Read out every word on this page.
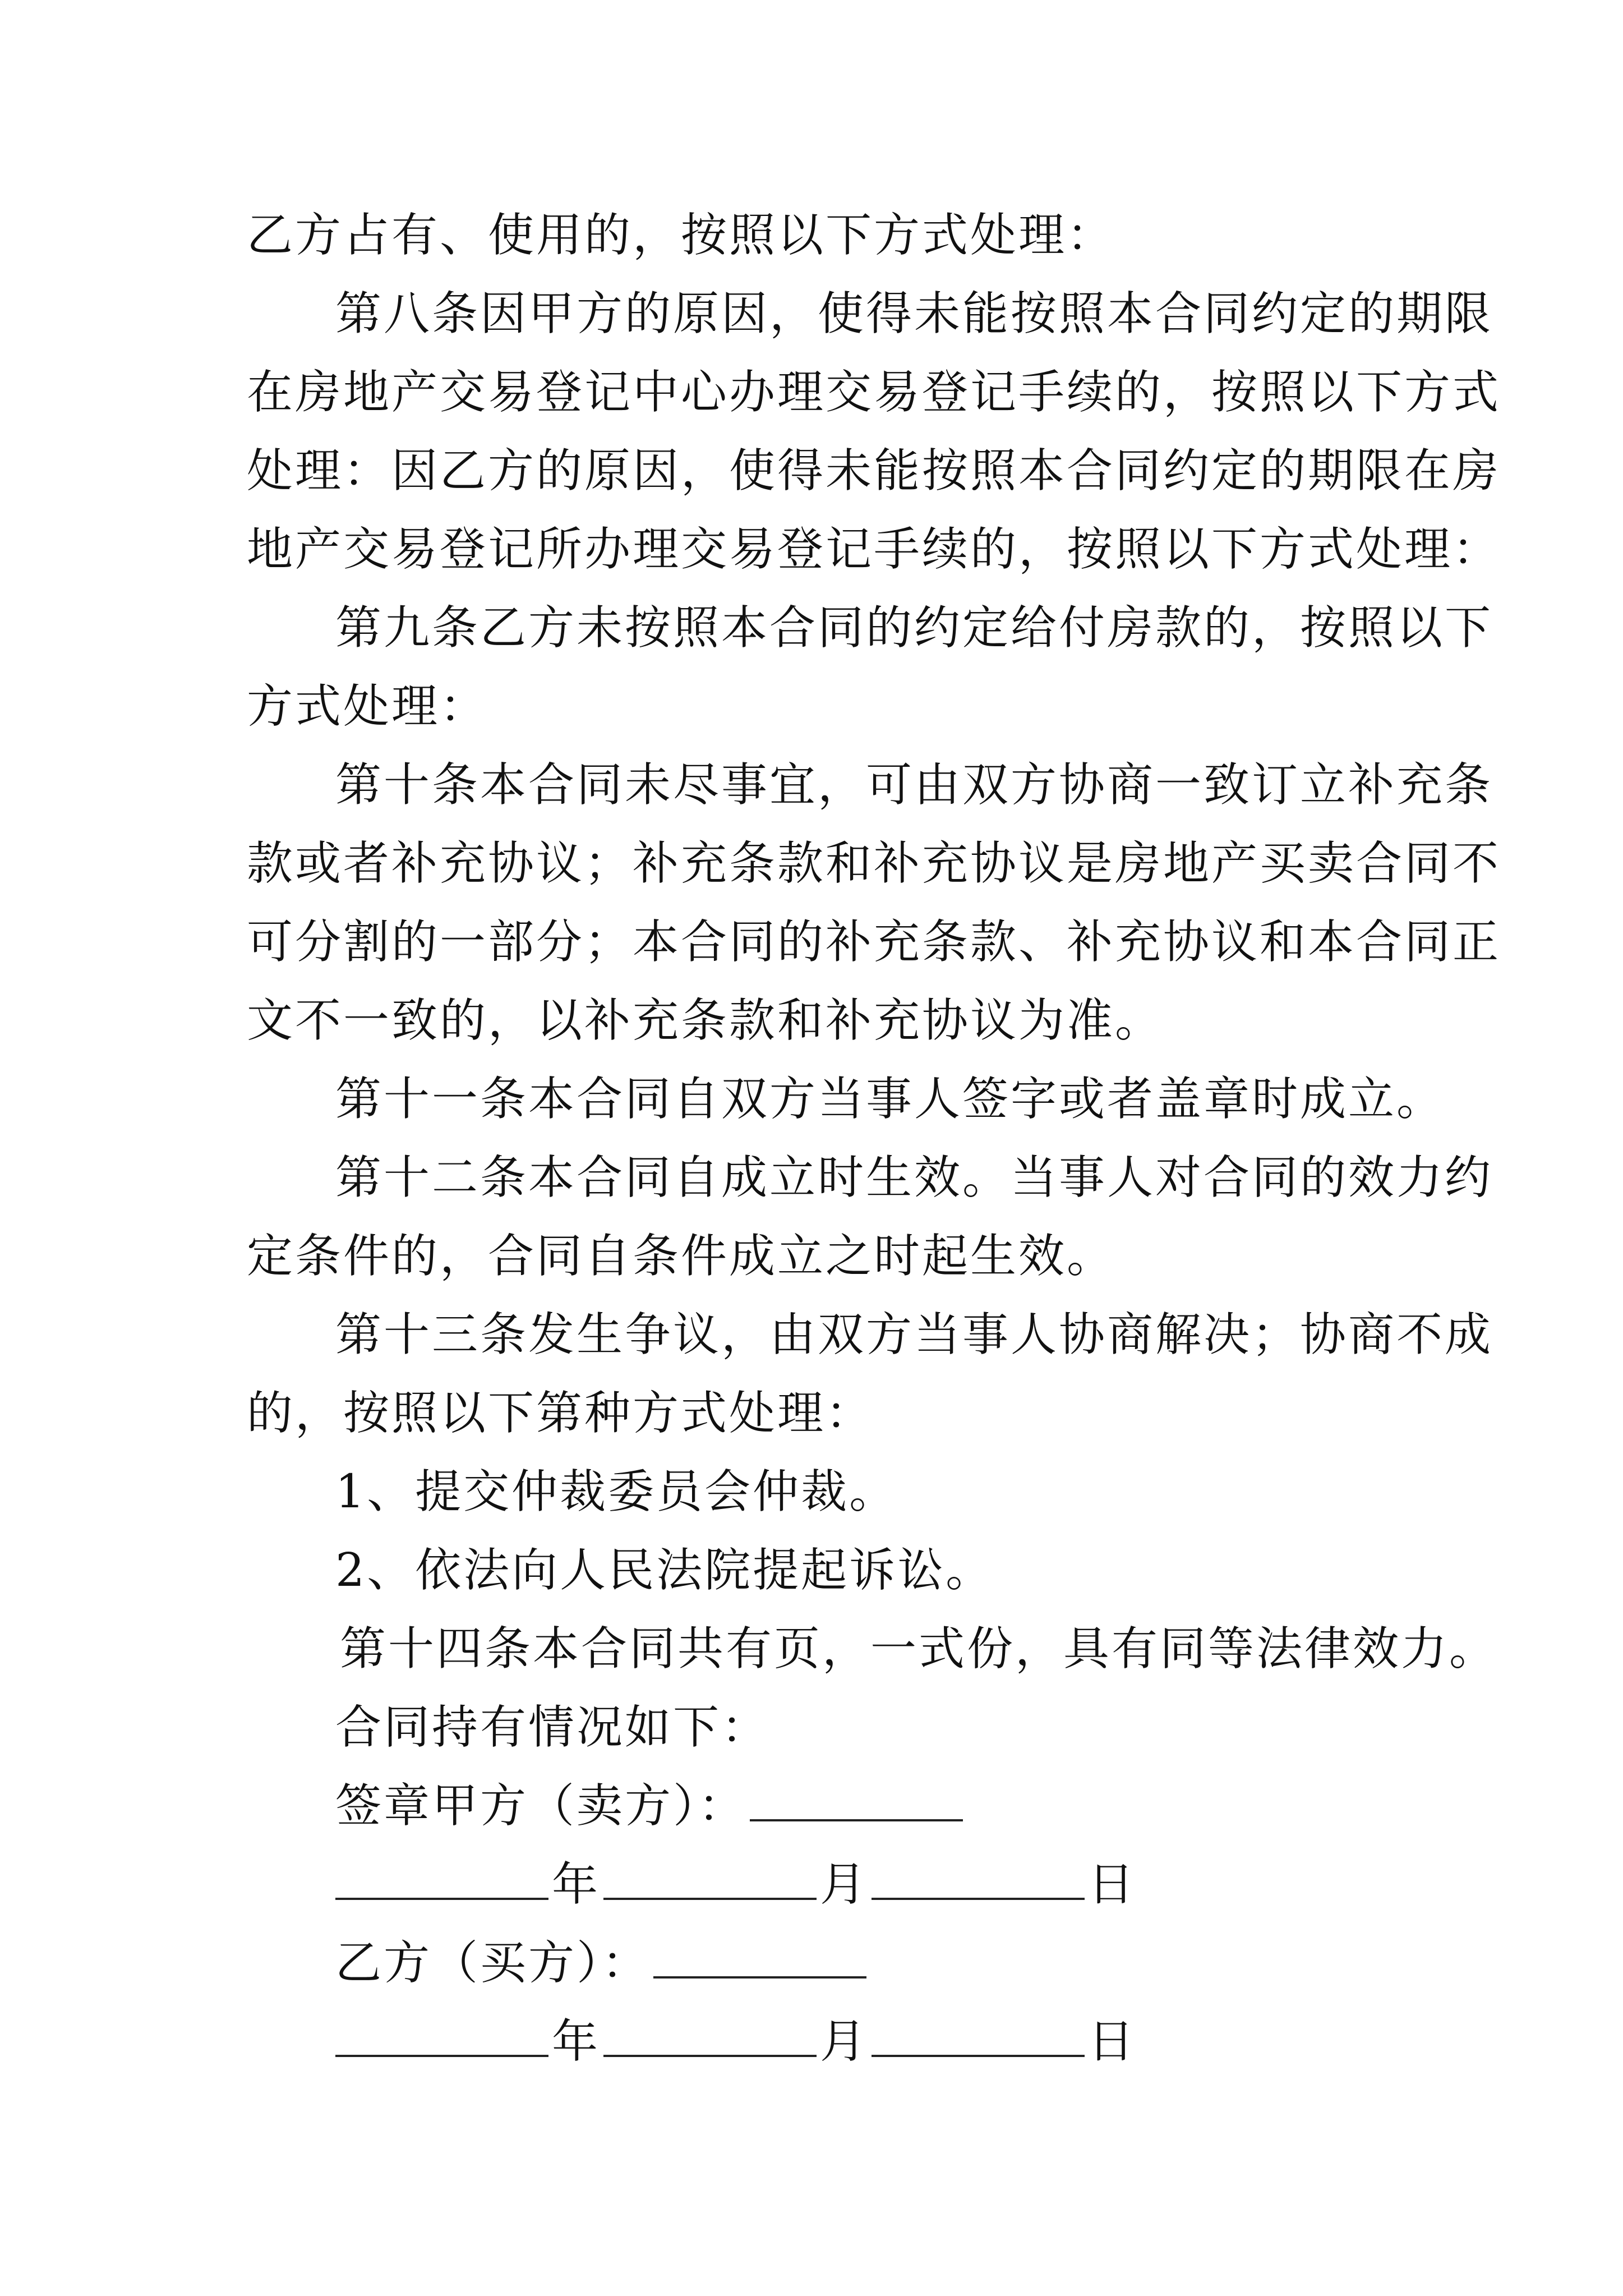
乙方占有、使用的，按照以下方式处理：
第八条因甲方的原因，使得未能按照本合同约定的期限
在房地产交易登记中心办理交易登记手续的，按照以下方式
处理：因乙方的原因，使得未能按照本合同约定的期限在房
地产交易登记所办理交易登记手续的，按照以下方式处理：
第九条乙方未按照本合同的约定给付房款的，按照以下
方式处理：
第十条本合同未尽事宜，可由双方协商一致订立补充条
款或者补充协议；补充条款和补充协议是房地产买卖合同不
可分割的一部分；本合同的补充条款、补充协议和本合同正
文不一致的，以补充条款和补充协议为准。
第十一条本合同自双方当事人签字或者盖章时成立。
第十二条本合同自成立时生效。当事人对合同的效力约
定条件的，合同自条件成立之时起生效。
第十三条发生争议，由双方当事人协商解决；协商不成
的，按照以下第种方式处理：
1、提交仲裁委员会仲裁。
2、依法向人民法院提起诉讼。
第十四条本合同共有页，一式份，具有同等法律效力。
合同持有情况如下：
签章甲方（卖方）：
年	月	日
乙方（买方）：
年	月	日
